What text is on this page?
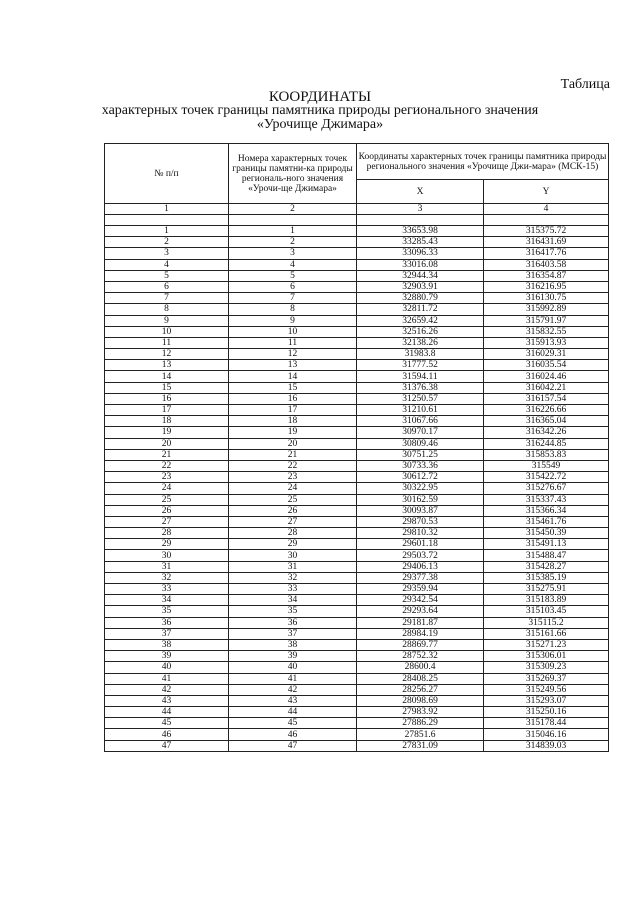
Таблица
КООРДИНАТЫ
характерных точек границы памятника природы регионального значения
«Урочище Джимара»
№ п/п	Номера характерных точек границы памятни-ка природы региональ-ного значения «Урочи-ще Джимара»	Координаты характерных точек границы памятника природы регионального значения «Урочище Джи-мара» (МСК-15)	
		X	Y
1	2	3	4

1	1	33653.98	315375.72
2	2	33285.43	316431.69
3	3	33096.33	316417.76
4	4	33016.08	316403.58
5	5	32944.34	316354.87
6	6	32903.91	316216.95
7	7	32880.79	316130.75
8	8	32811.72	315992.89
9	9	32659.42	315791.97
10	10	32516.26	315832.55
11	11	32138.26	315913.93
12	12	31983.8	316029.31
13	13	31777.52	316035.54
14	14	31594.11	316024.46
15	15	31376.38	316042.21
16	16	31250.57	316157.54
17	17	31210.61	316226.66
18	18	31067.66	316365.04
19	19	30970.17	316342.26
20	20	30809.46	316244.85
21	21	30751.25	315853.83
22	22	30733.36	315549
23	23	30612.72	315422.72
24	24	30322.95	315276.67
25	25	30162.59	315337.43
26	26	30093.87	315366.34
27	27	29870.53	315461.76
28	28	29810.32	315450.39
29	29	29601.18	315491.13
30	30	29503.72	315488.47
31	31	29406.13	315428.27
32	32	29377.38	315385.19
33	33	29359.94	315275.91
34	34	29342.54	315183.89
35	35	29293.64	315103.45
36	36	29181.87	315115.2
37	37	28984.19	315161.66
38	38	28869.77	315271.23
39	39	28752.32	315306.01
40	40	28600.4	315309.23
41	41	28408.25	315269.37
42	42	28256.27	315249.56
43	43	28098.69	315293.07
44	44	27983.92	315250.16
45	45	27886.29	315178.44
46	46	27851.6	315046.16
47	47	27831.09	314839.03
